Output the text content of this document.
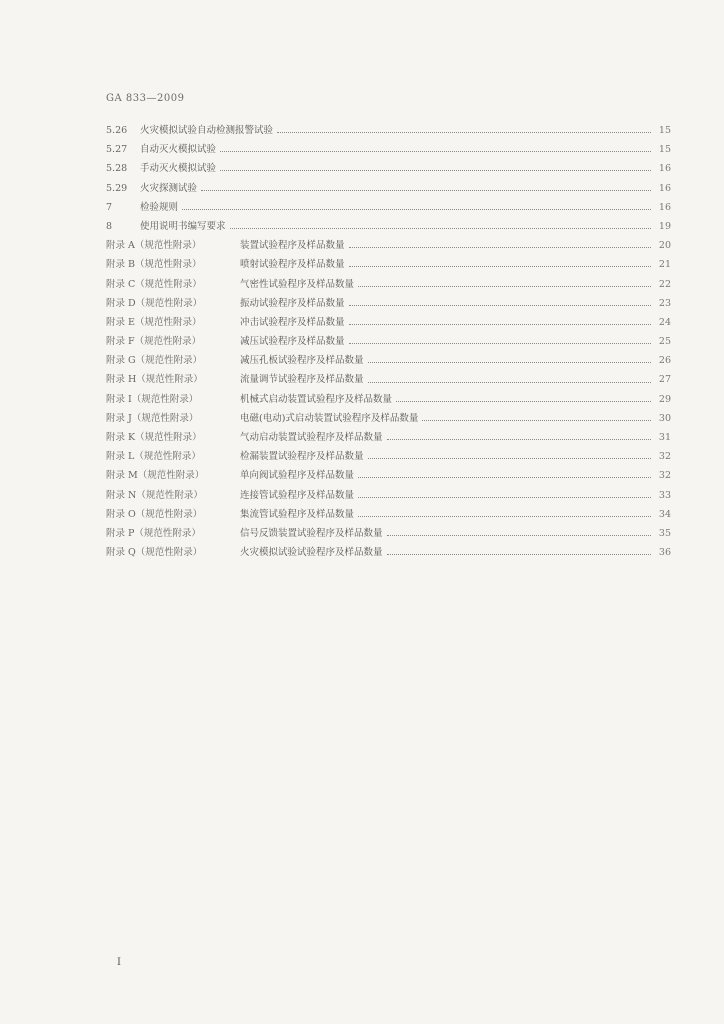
GA 833—2009
5.26	火灾模拟试验自动检测报警试验	15
5.27	自动灭火模拟试验	15
5.28	手动灭火模拟试验	16
5.29	火灾探测试验	16
7	检验规则	16
8	使用说明书编写要求	19
附录 A（规范性附录）	装置试验程序及样品数量	20
附录 B（规范性附录）	喷射试验程序及样品数量	21
附录 C（规范性附录）	气密性试验程序及样品数量	22
附录 D（规范性附录）	振动试验程序及样品数量	23
附录 E（规范性附录）	冲击试验程序及样品数量	24
附录 F（规范性附录）	减压试验程序及样品数量	25
附录 G（规范性附录）	减压孔板试验程序及样品数量	26
附录 H（规范性附录）	流量调节试验程序及样品数量	27
附录 I（规范性附录）	机械式启动装置试验程序及样品数量	29
附录 J（规范性附录）	电磁(电动)式启动装置试验程序及样品数量	30
附录 K（规范性附录）	气动启动装置试验程序及样品数量	31
附录 L（规范性附录）	检漏装置试验程序及样品数量	32
附录 M（规范性附录）	单向阀试验程序及样品数量	32
附录 N（规范性附录）	连接管试验程序及样品数量	33
附录 O（规范性附录）	集流管试验程序及样品数量	34
附录 P（规范性附录）	信号反馈装置试验程序及样品数量	35
附录 Q（规范性附录）	火灾模拟试验试验程序及样品数量	36
I
